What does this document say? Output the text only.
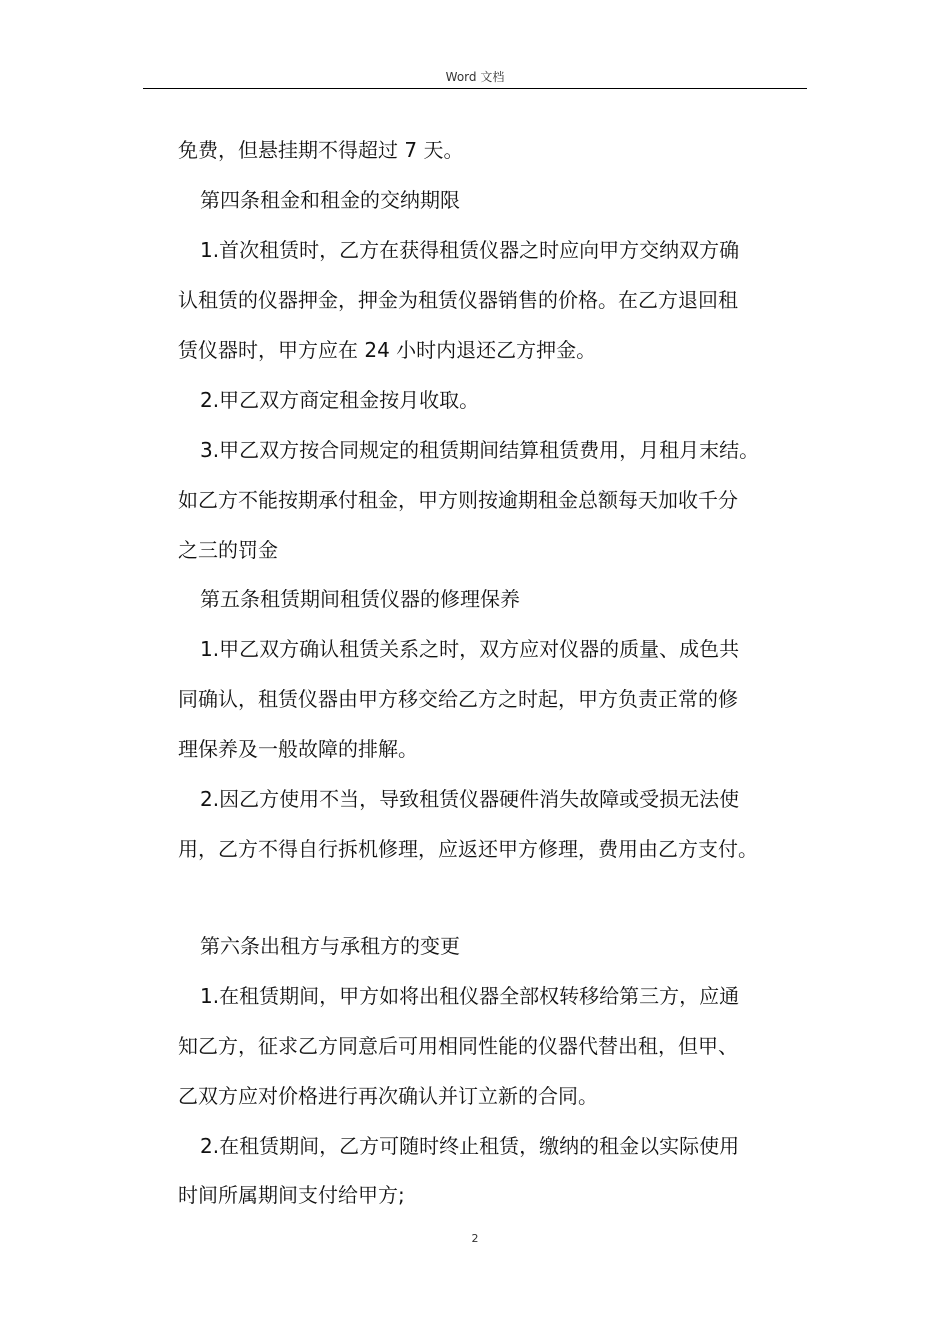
Word 文档
免费，但悬挂期不得超过 7 天。
第四条租金和租金的交纳期限
1.首次租赁时，乙方在获得租赁仪器之时应向甲方交纳双方确
认租赁的仪器押金，押金为租赁仪器销售的价格。在乙方退回租
赁仪器时，甲方应在 24 小时内退还乙方押金。
2.甲乙双方商定租金按月收取。
3.甲乙双方按合同规定的租赁期间结算租赁费用，月租月末结。
如乙方不能按期承付租金，甲方则按逾期租金总额每天加收千分
之三的罚金
第五条租赁期间租赁仪器的修理保养
1.甲乙双方确认租赁关系之时，双方应对仪器的质量、成色共
同确认，租赁仪器由甲方移交给乙方之时起，甲方负责正常的修
理保养及一般故障的排解。
2.因乙方使用不当，导致租赁仪器硬件消失故障或受损无法使
用，乙方不得自行拆机修理，应返还甲方修理，费用由乙方支付。
第六条出租方与承租方的变更
1.在租赁期间，甲方如将出租仪器全部权转移给第三方，应通
知乙方，征求乙方同意后可用相同性能的仪器代替出租，但甲、
乙双方应对价格进行再次确认并订立新的合同。
2.在租赁期间，乙方可随时终止租赁，缴纳的租金以实际使用
时间所属期间支付给甲方;
2
